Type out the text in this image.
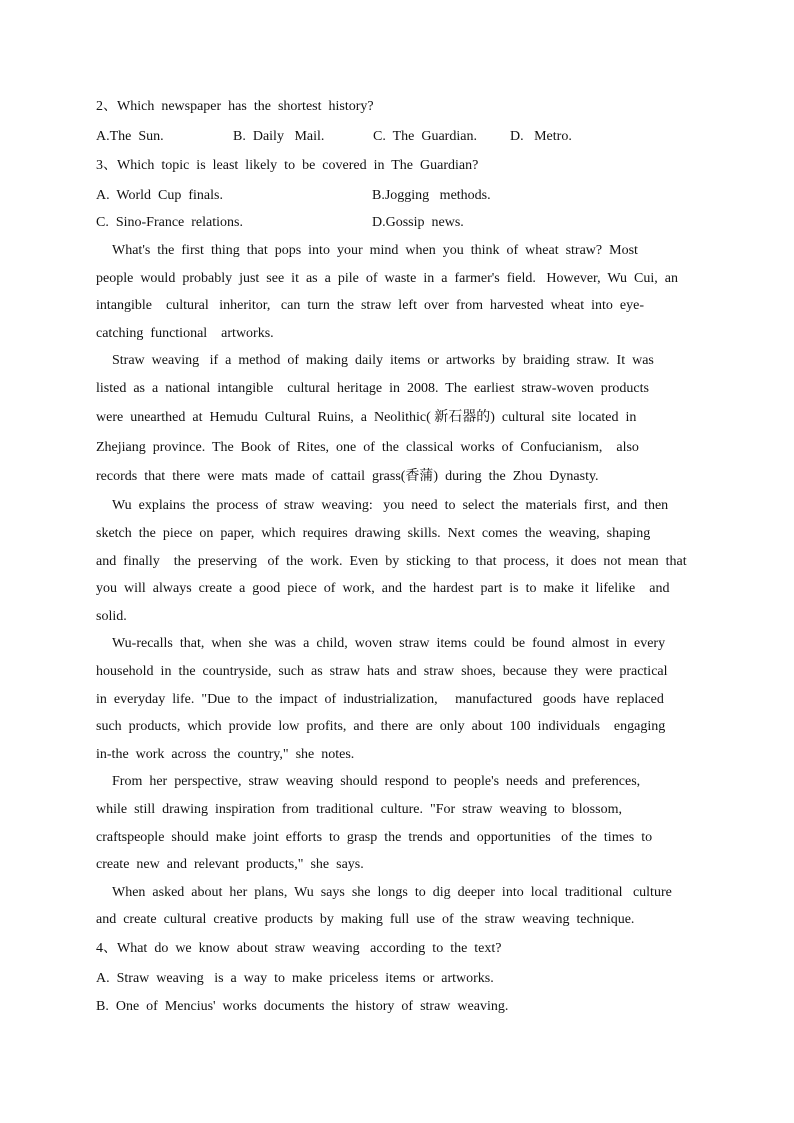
2、Which  newspaper  has  the  shortest  history?
A.The  Sun.	B.  Daily   Mail.	C.  The  Guardian. D.   Metro.
3、Which  topic  is  least  likely  to  be  covered  in  The  Guardian?
A.  World  Cup  finals.	B.Jogging   methods.
C.  Sino-France  relations.	D.Gossip  news.
What's  the  first  thing  that  pops  into  your  mind  when  you  think  of  wheat  straw?  Most
people  would  probably  just  see  it  as  a  pile  of  waste  in  a  farmer's  field.   However,  Wu  Cui,  an
intangible    cultural   inheritor,   can  turn  the  straw  left  over  from  harvested  wheat  into  eye-
catching  functional    artworks.
Straw  weaving   if  a  method  of  making  daily  items  or  artworks  by  braiding  straw.  It  was
listed  as  a  national  intangible    cultural  heritage  in  2008.  The  earliest  straw-woven  products
were  unearthed  at  Hemudu  Cultural  Ruins,  a  Neolithic( 新石器的)  cultural  site  located  in
Zhejiang  province.  The  Book  of  Rites,  one  of  the  classical  works  of  Confucianism,    also
records  that  there  were  mats  made  of  cattail  grass(香蒲)  during  the  Zhou  Dynasty.
Wu  explains  the  process  of  straw  weaving:   you  need  to  select  the  materials  first,  and  then
sketch  the  piece  on  paper,  which  requires  drawing  skills.  Next  comes  the  weaving,  shaping
and  finally    the  preserving   of  the  work.  Even  by  sticking  to  that  process,  it  does  not  mean  that
you  will  always  create  a  good  piece  of  work,  and  the  hardest  part  is  to  make  it  lifelike    and
solid.
Wu-recalls  that,  when  she  was  a  child,  woven  straw  items  could  be  found  almost  in  every
household  in  the  countryside,  such  as  straw  hats  and  straw  shoes,  because  they  were  practical
in  everyday  life.  "Due  to  the  impact  of  industrialization,     manufactured   goods  have  replaced
such  products,  which  provide  low  profits,  and  there  are  only  about  100  individuals    engaging
in-the  work  across  the  country,"  she  notes.
From  her  perspective,  straw  weaving  should  respond  to  people's  needs  and  preferences,
while  still  drawing  inspiration  from  traditional  culture.  "For  straw  weaving  to  blossom,
craftspeople  should  make  joint  efforts  to  grasp  the  trends  and  opportunities   of  the  times  to
create  new  and  relevant  products,"  she  says.
When  asked  about  her  plans,  Wu  says  she  longs  to  dig  deeper  into  local  traditional   culture
and  create  cultural  creative  products  by  making  full  use  of  the  straw  weaving  technique.
4、What  do  we  know  about  straw  weaving   according  to  the  text?
A.  Straw  weaving   is  a  way  to  make  priceless  items  or  artworks.
B.  One  of  Mencius'  works  documents  the  history  of  straw  weaving.
